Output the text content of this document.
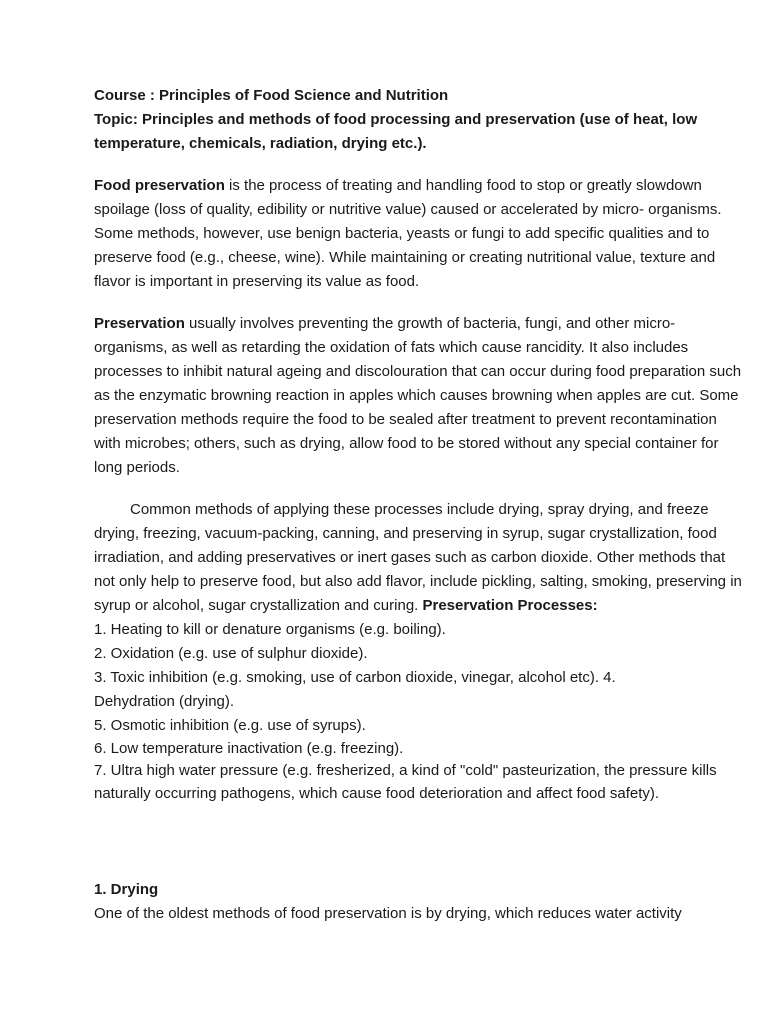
Course : Principles of Food Science and Nutrition
Topic: Principles and methods of food processing and preservation (use of heat, low
temperature, chemicals, radiation, drying etc.).
Food preservation is the process of treating and handling food to stop or greatly slowdown
spoilage (loss of quality, edibility or nutritive value) caused or accelerated by micro- organisms.
Some methods, however, use benign bacteria, yeasts or fungi to add specific qualities and to
preserve food (e.g., cheese, wine). While maintaining or creating nutritional value, texture and
flavor is important in preserving its value as food.
Preservation usually involves preventing the growth of bacteria, fungi, and other micro-
organisms, as well as retarding the oxidation of fats which cause rancidity. It also includes
processes to inhibit natural ageing and discolouration that can occur during food preparation such
as the enzymatic browning reaction in apples which causes browning when apples are cut. Some
preservation methods require the food to be sealed after treatment to prevent recontamination
with microbes; others, such as drying, allow food to be stored without any special container for
long periods.
Common methods of applying these processes include drying, spray drying, and freeze
drying, freezing, vacuum-packing, canning, and preserving in syrup, sugar crystallization, food
irradiation, and adding preservatives or inert gases such as carbon dioxide. Other methods that
not only help to preserve food, but also add flavor, include pickling, salting, smoking, preserving in
syrup or alcohol, sugar crystallization and curing. Preservation Processes:
1. Heating to kill or denature organisms (e.g. boiling).
2. Oxidation (e.g. use of sulphur dioxide).
3. Toxic inhibition (e.g. smoking, use of carbon dioxide, vinegar, alcohol etc). 4.
Dehydration (drying).
5. Osmotic inhibition (e.g. use of syrups).
6. Low temperature inactivation (e.g. freezing).
7. Ultra high water pressure (e.g. fresherized, a kind of "cold" pasteurization, the pressure kills
naturally occurring pathogens, which cause food deterioration and affect food safety).
1. Drying
One of the oldest methods of food preservation is by drying, which reduces water activity
